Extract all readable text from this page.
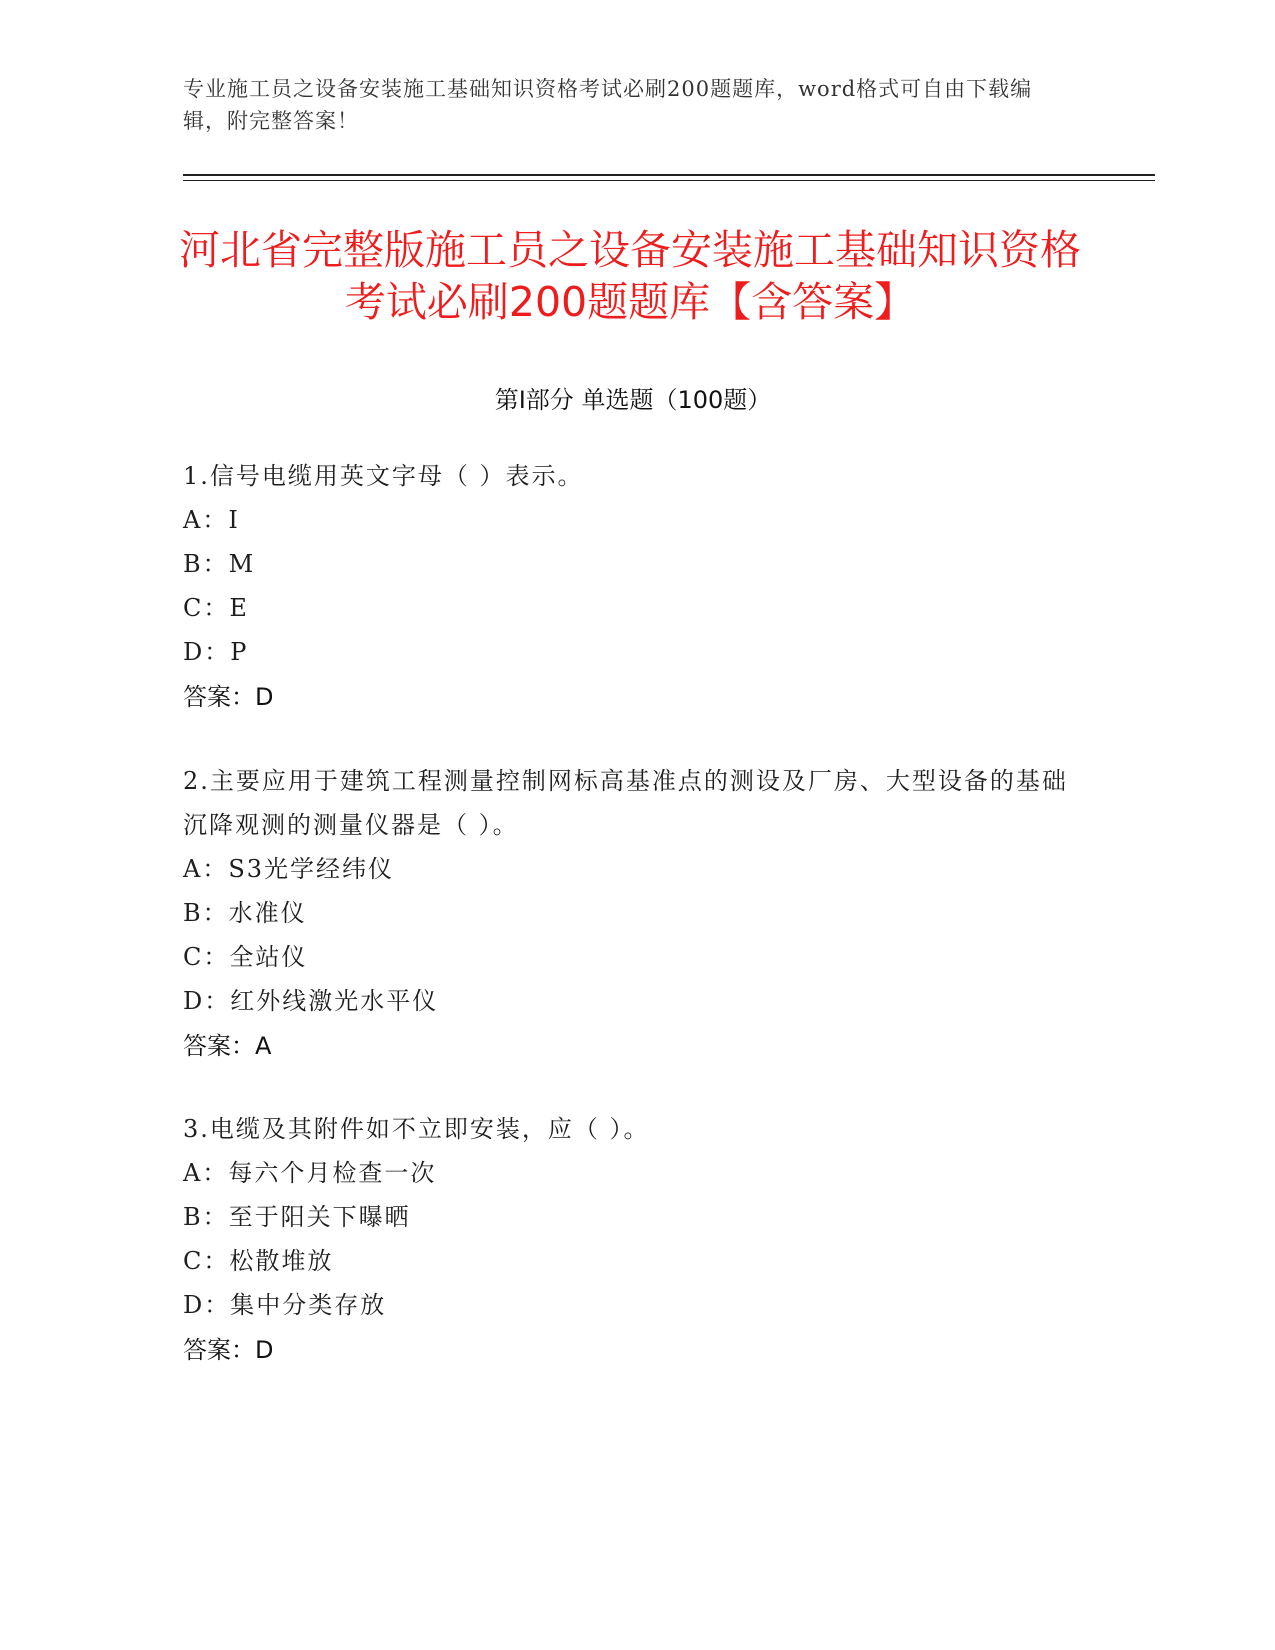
专业施工员之设备安装施工基础知识资格考试必刷200题题库，word格式可自由下载编辑，附完整答案！
河北省完整版施工员之设备安装施工基础知识资格考试必刷200题题库【含答案】
第I部分 单选题（100题）

1.信号电缆用英文字母（ ）表示。

A：I

B：M

C：E

D：P

答案：D

2.主要应用于建筑工程测量控制网标高基准点的测设及厂房、大型设备的基础沉降观测的测量仪器是（ ）。

A：S3光学经纬仪

B：水准仪

C：全站仪

D：红外线激光水平仪

答案：A

3.电缆及其附件如不立即安装，应（ ）。

A：每六个月检查一次

B：至于阳关下曝晒

C：松散堆放

D：集中分类存放

答案：D
